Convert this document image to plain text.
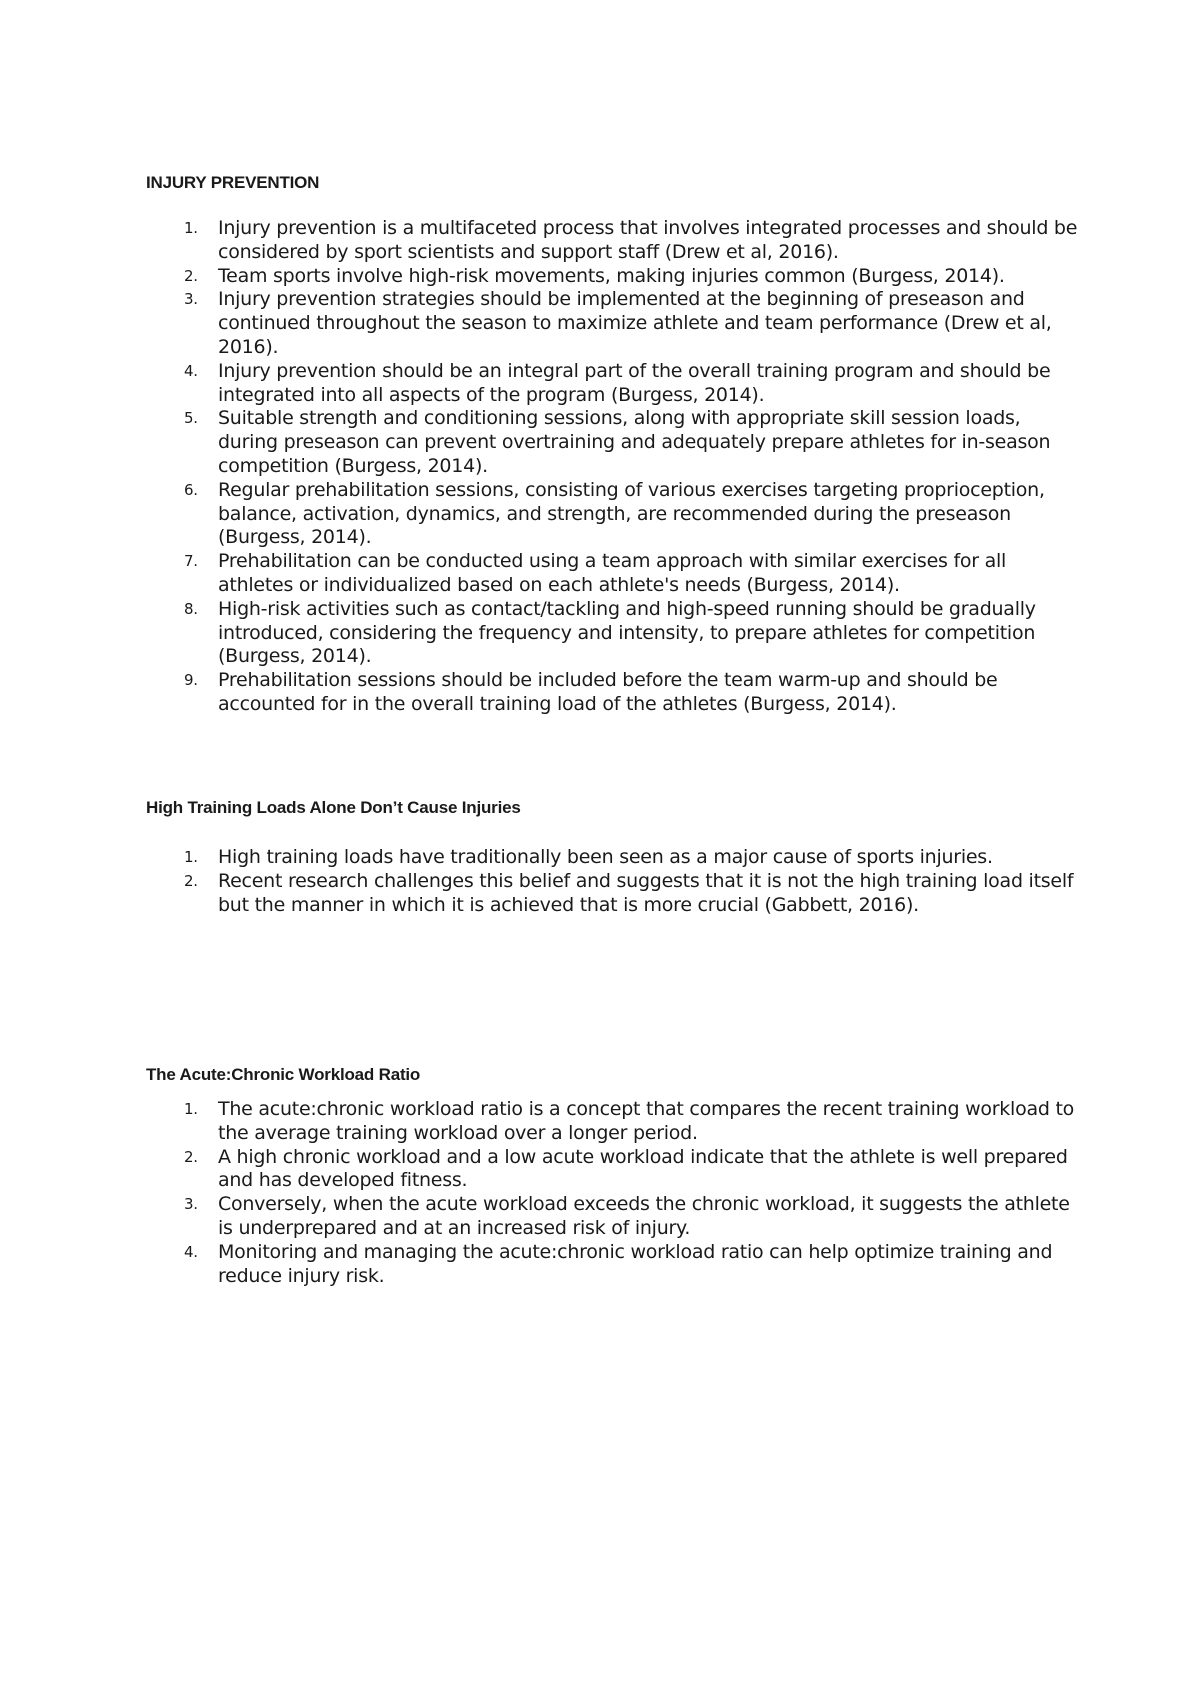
INJURY PREVENTION
1. Injury prevention is a multifaceted process that involves integrated processes and should be considered by sport scientists and support staff (Drew et al, 2016).
2. Team sports involve high-risk movements, making injuries common (Burgess, 2014).
3. Injury prevention strategies should be implemented at the beginning of preseason and continued throughout the season to maximize athlete and team performance (Drew et al, 2016).
4. Injury prevention should be an integral part of the overall training program and should be integrated into all aspects of the program (Burgess, 2014).
5. Suitable strength and conditioning sessions, along with appropriate skill session loads, during preseason can prevent overtraining and adequately prepare athletes for in-season competition (Burgess, 2014).
6. Regular prehabilitation sessions, consisting of various exercises targeting proprioception, balance, activation, dynamics, and strength, are recommended during the preseason (Burgess, 2014).
7. Prehabilitation can be conducted using a team approach with similar exercises for all athletes or individualized based on each athlete's needs (Burgess, 2014).
8. High-risk activities such as contact/tackling and high-speed running should be gradually introduced, considering the frequency and intensity, to prepare athletes for competition (Burgess, 2014).
9. Prehabilitation sessions should be included before the team warm-up and should be accounted for in the overall training load of the athletes (Burgess, 2014).
High Training Loads Alone Don’t Cause Injuries
1. High training loads have traditionally been seen as a major cause of sports injuries.
2. Recent research challenges this belief and suggests that it is not the high training load itself but the manner in which it is achieved that is more crucial (Gabbett, 2016).
The Acute:Chronic Workload Ratio
1. The acute:chronic workload ratio is a concept that compares the recent training workload to the average training workload over a longer period.
2. A high chronic workload and a low acute workload indicate that the athlete is well prepared and has developed fitness.
3. Conversely, when the acute workload exceeds the chronic workload, it suggests the athlete is underprepared and at an increased risk of injury.
4. Monitoring and managing the acute:chronic workload ratio can help optimize training and reduce injury risk.
